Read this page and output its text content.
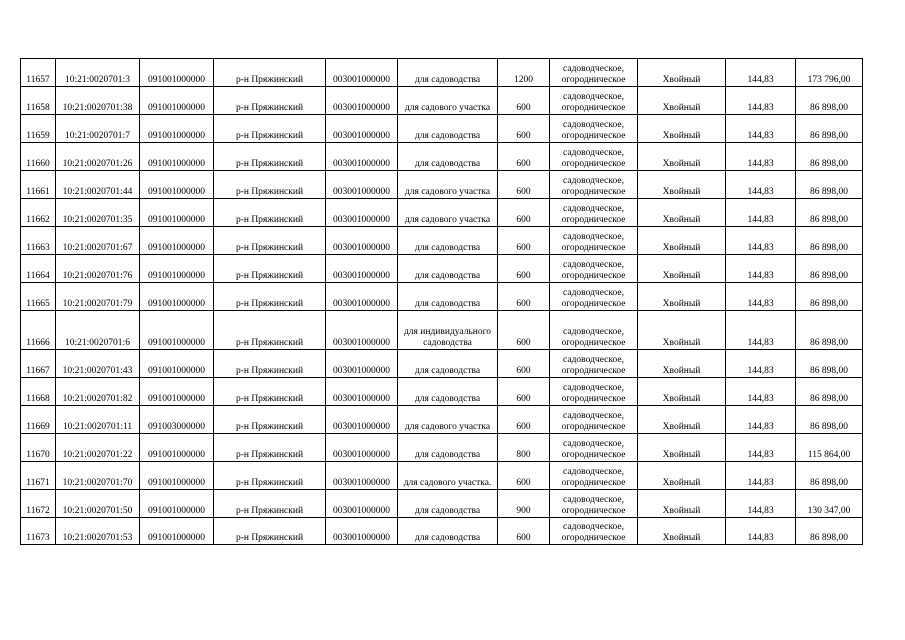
11657	10:21:0020701:3	091001000000	р-н Пряжинский	003001000000	для садоводства	1200	садоводческое,
огородническое	Хвойный	144,83	173 796,00
11658	10:21:0020701:38	091001000000	р-н Пряжинский	003001000000	для садового участка	600	садоводческое,
огородническое	Хвойный	144,83	86 898,00
11659	10:21:0020701:7	091001000000	р-н Пряжинский	003001000000	для садоводства	600	садоводческое,
огородническое	Хвойный	144,83	86 898,00
11660	10:21:0020701:26	091001000000	р-н Пряжинский	003001000000	для садоводства	600	садоводческое,
огородническое	Хвойный	144,83	86 898,00
11661	10:21:0020701:44	091001000000	р-н Пряжинский	003001000000	для садового участка	600	садоводческое,
огородническое	Хвойный	144,83	86 898,00
11662	10:21:0020701:35	091001000000	р-н Пряжинский	003001000000	для садового участка	600	садоводческое,
огородническое	Хвойный	144,83	86 898,00
11663	10:21:0020701:67	091001000000	р-н Пряжинский	003001000000	для садоводства	600	садоводческое,
огородническое	Хвойный	144,83	86 898,00
11664	10:21:0020701:76	091001000000	р-н Пряжинский	003001000000	для садоводства	600	садоводческое,
огородническое	Хвойный	144,83	86 898,00
11665	10:21:0020701:79	091001000000	р-н Пряжинский	003001000000	для садоводства	600	садоводческое,
огородническое	Хвойный	144,83	86 898,00
11666	10:21:0020701:6	091001000000	р-н Пряжинский	003001000000	для индивидуального садоводства	600	садоводческое,
огородническое	Хвойный	144,83	86 898,00
11667	10:21:0020701:43	091001000000	р-н Пряжинский	003001000000	для садоводства	600	садоводческое,
огородническое	Хвойный	144,83	86 898,00
11668	10:21:0020701:82	091001000000	р-н Пряжинский	003001000000	для садоводства	600	садоводческое,
огородническое	Хвойный	144,83	86 898,00
11669	10:21:0020701:11	091003000000	р-н Пряжинский	003001000000	для садового участка	600	садоводческое,
огородническое	Хвойный	144,83	86 898,00
11670	10:21:0020701:22	091001000000	р-н Пряжинский	003001000000	для садоводства	800	садоводческое,
огородническое	Хвойный	144,83	115 864,00
11671	10:21:0020701:70	091001000000	р-н Пряжинский	003001000000	для садового участка.	600	садоводческое,
огородническое	Хвойный	144,83	86 898,00
11672	10:21:0020701:50	091001000000	р-н Пряжинский	003001000000	для садоводства	900	садоводческое,
огородническое	Хвойный	144,83	130 347,00
11673	10:21:0020701:53	091001000000	р-н Пряжинский	003001000000	для садоводства	600	садоводческое,
огородническое	Хвойный	144,83	86 898,00
